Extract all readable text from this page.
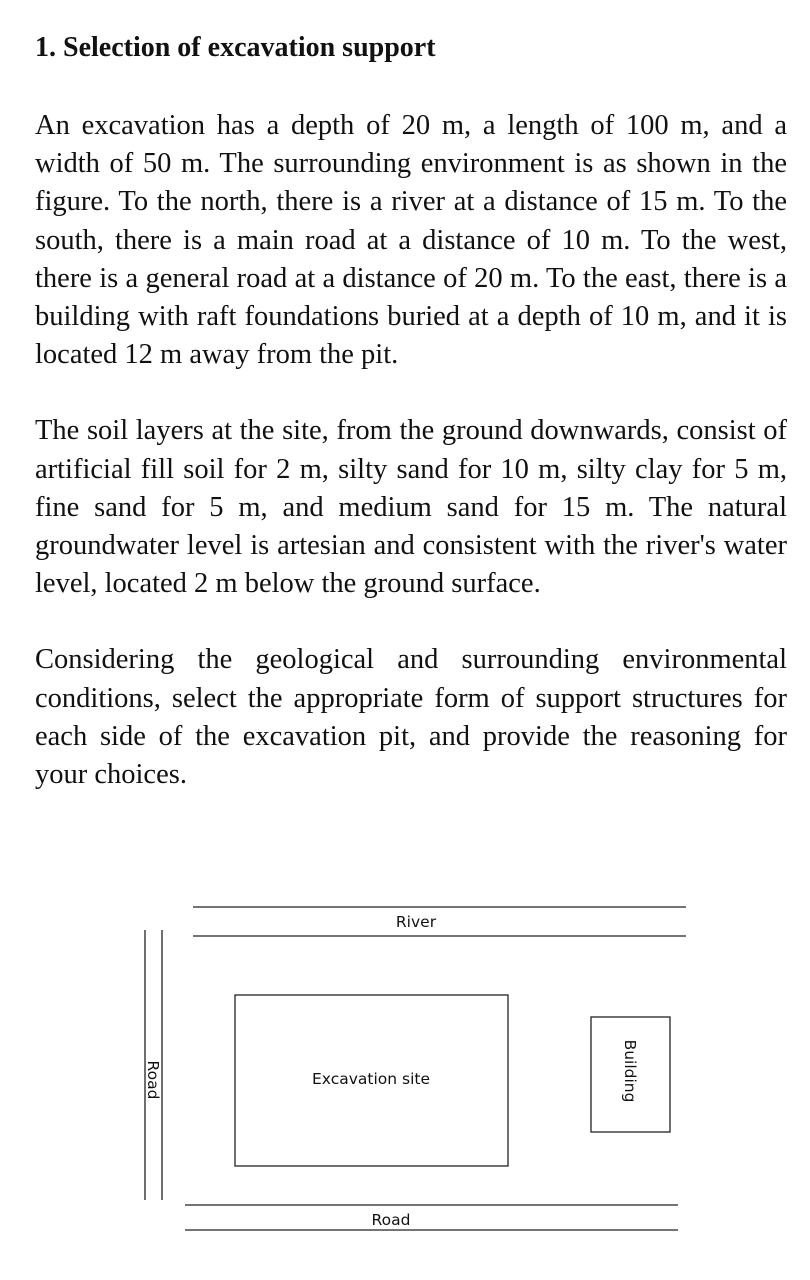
1. Selection of excavation support

An excavation has a depth of 20 m, a length of 100 m, and a width of 50 m. The surrounding environment is as shown in the figure. To the north, there is a river at a distance of 15 m. To the south, there is a main road at a distance of 10 m. To the west, there is a general road at a distance of 20 m. To the east, there is a building with raft foundations buried at a depth of 10 m, and it is located 12 m away from the pit.

The soil layers at the site, from the ground downwards, consist of artificial fill soil for 2 m, silty sand for 10 m, silty clay for 5 m, fine sand for 5 m, and medium sand for 15 m. The natural groundwater level is artesian and consistent with the river's water level, located 2 m below the ground surface.

Considering the geological and surrounding environmental conditions, select the appropriate form of support structures for each side of the excavation pit, and provide the reasoning for your choices.

River
Road	Excavation site	Building
Road
